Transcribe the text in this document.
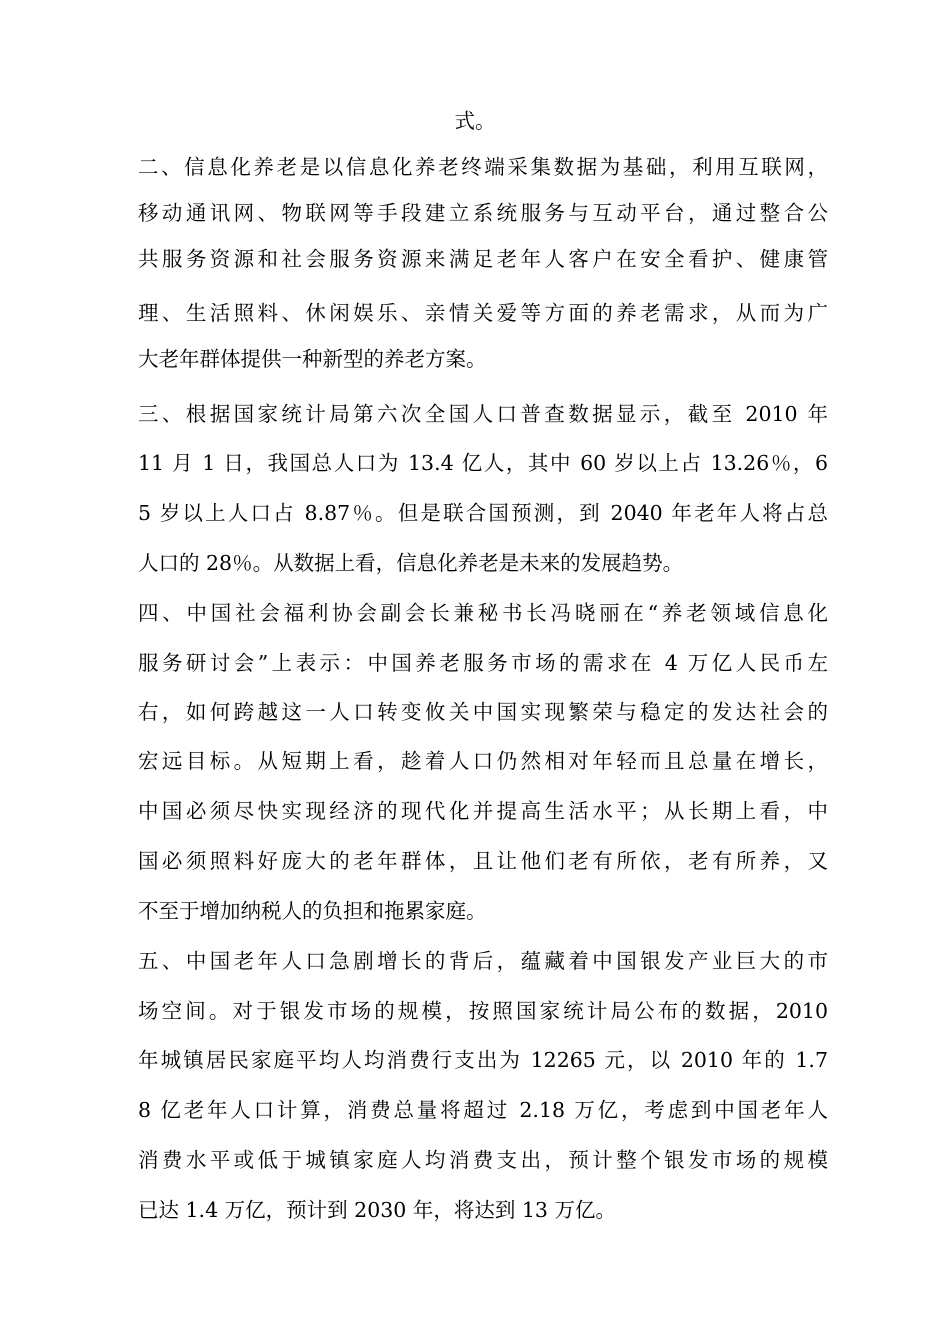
式。
二、信息化养老是以信息化养老终端采集数据为基础，利用互联网，
移动通讯网、物联网等手段建立系统服务与互动平台，通过整合公
共服务资源和社会服务资源来满足老年人客户在安全看护、健康管
理、生活照料、休闲娱乐、亲情关爱等方面的养老需求，从而为广
大老年群体提供一种新型的养老方案。
三、根据国家统计局第六次全国人口普查数据显示，截至 2010 年
11 月 1 日，我国总人口为 13.4 亿人，其中 60 岁以上占 13.26％，6
5 岁以上人口占 8.87％。但是联合国预测，到 2040 年老年人将占总
人口的 28％。从数据上看，信息化养老是未来的发展趋势。
四、中国社会福利协会副会长兼秘书长冯晓丽在“养老领域信息化
服务研讨会”上表示：中国养老服务市场的需求在 4 万亿人民币左
右，如何跨越这一人口转变攸关中国实现繁荣与稳定的发达社会的
宏远目标。从短期上看，趁着人口仍然相对年轻而且总量在增长，
中国必须尽快实现经济的现代化并提高生活水平；从长期上看，中
国必须照料好庞大的老年群体，且让他们老有所依，老有所养，又
不至于增加纳税人的负担和拖累家庭。
五、中国老年人口急剧增长的背后，蕴藏着中国银发产业巨大的市
场空间。对于银发市场的规模，按照国家统计局公布的数据，2010
年城镇居民家庭平均人均消费行支出为 12265 元，以 2010 年的 1.7
8 亿老年人口计算，消费总量将超过 2.18 万亿，考虑到中国老年人
消费水平或低于城镇家庭人均消费支出，预计整个银发市场的规模
已达 1.4 万亿，预计到 2030 年，将达到 13 万亿。
